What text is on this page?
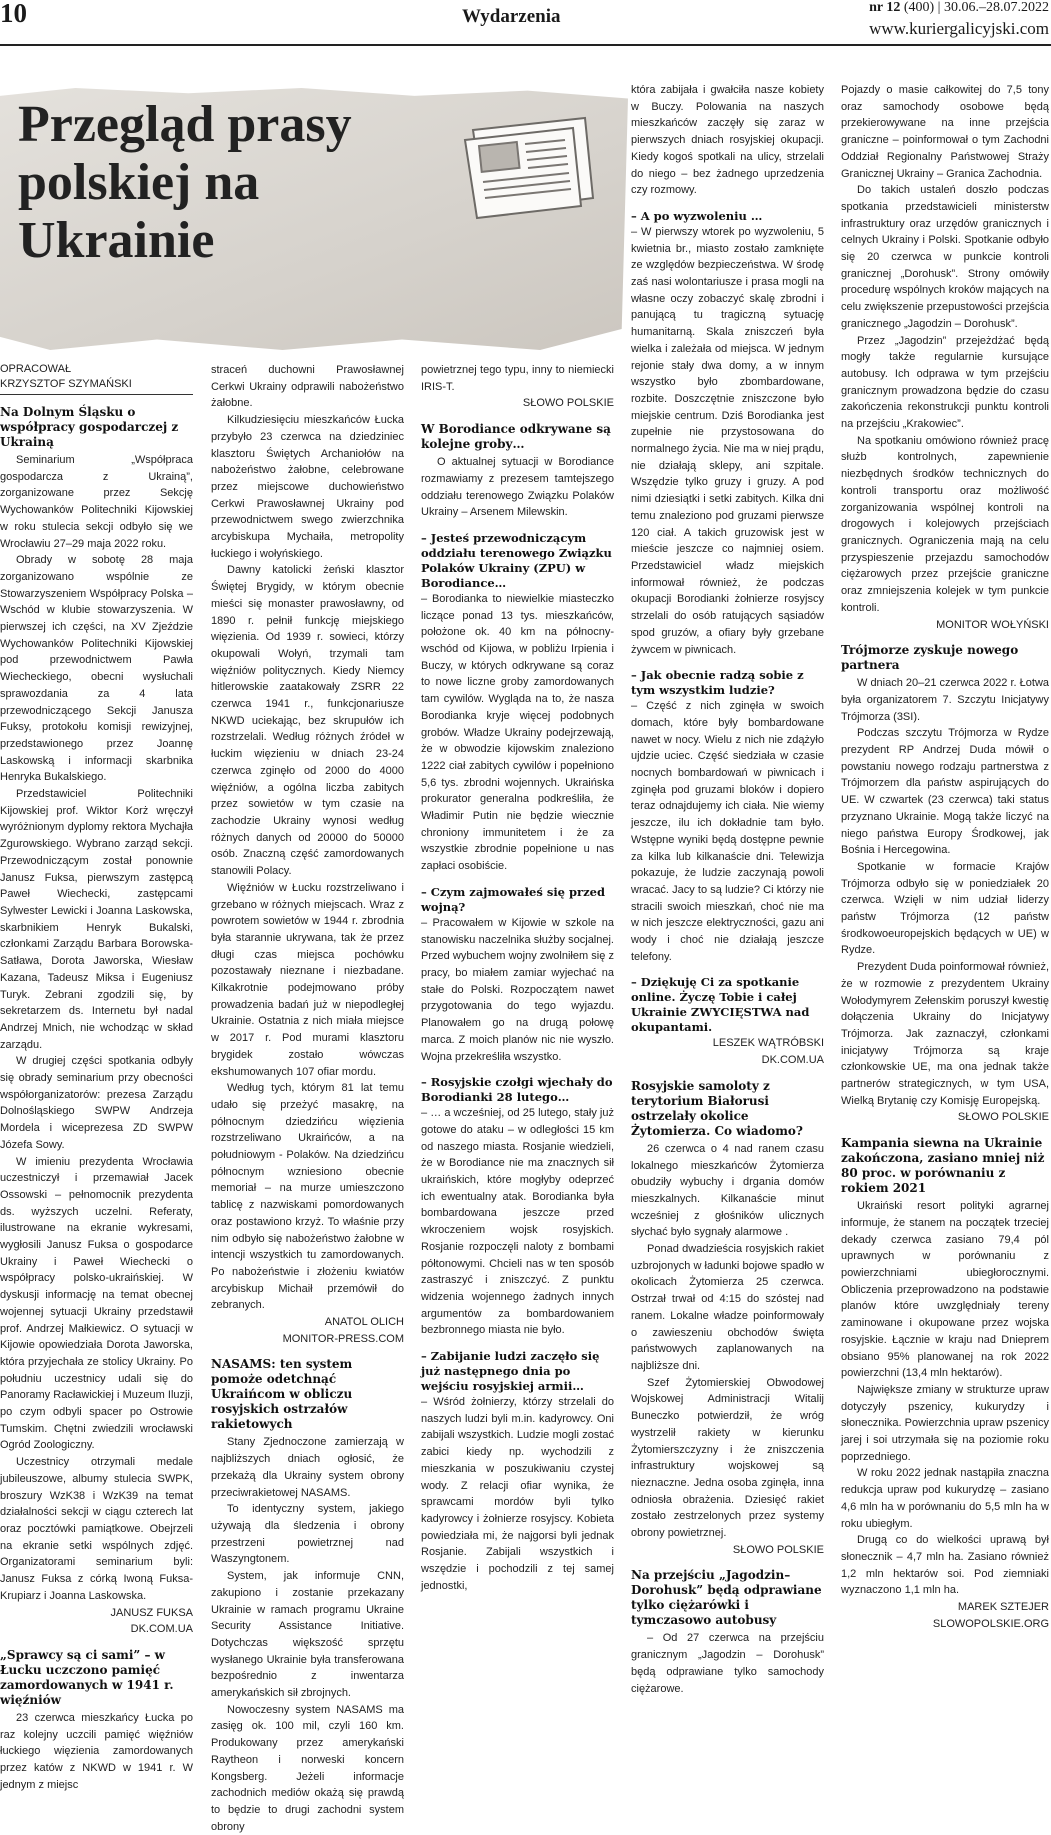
10	Wydarzenia	nr 12 (400) | 30.06.–28.07.2022
www.kuriergalicyjski.com
Przegląd prasy polskiej na Ukrainie
OPRACOWAŁ
KRZYSZTOF SZYMAŃSKI
Na Dolnym Śląsku o współpracy gospodarczej z Ukrainą

Seminarium „Współpraca gospodarcza z Ukrainą”, zorganizowane przez Sekcję Wychowanków Politechniki Kijowskiej w roku stulecia sekcji odbyło się we Wrocławiu 27–29 maja 2022 roku.

Obrady w sobotę 28 maja zorganizowano wspólnie ze Stowarzyszeniem Współpracy Polska – Wschód w klubie stowarzyszenia. W pierwszej ich części, na XV Zjeździe Wychowanków Politechniki Kijowskiej pod przewodnictwem Pawła Wiecheckiego, obecni wysłuchali sprawozdania za 4 lata przewodniczącego Sekcji Janusza Fuksy, protokołu komisji rewizyjnej, przedstawionego przez Joannę Laskowską i informacji skarbnika Henryka Bukalskiego.

Przedstawiciel Politechniki Kijowskiej prof. Wiktor Korż wręczył wyróżnionym dyplomy rektora Mychajła Zgurowskiego. Wybrano zarząd sekcji. Przewodniczącym został ponownie Janusz Fuksa, pierwszym zastępcą Paweł Wiechecki, zastępcami Sylwester Lewicki i Joanna Laskowska, skarbnikiem Henryk Bukalski, członkami Zarządu Barbara Borowska-Satława, Dorota Jaworska, Wiesław Kazana, Tadeusz Miksa i Eugeniusz Turyk. Zebrani zgodzili się, by sekretarzem ds. Internetu był nadal Andrzej Mnich, nie wchodząc w skład zarządu.

W drugiej części spotkania odbyły się obrady seminarium przy obecności współorganizatorów: prezesa Zarządu Dolnośląskiego SWPW Andrzeja Mordela i wiceprezesa ZD SWPW Józefa Sowy.

W imieniu prezydenta Wrocławia uczestniczył i przemawiał Jacek Ossowski – pełnomocnik prezydenta ds. wyższych uczelni. Referaty, ilustrowane na ekranie wykresami, wygłosili Janusz Fuksa o gospodarce Ukrainy i Paweł Wiechecki o współpracy polsko-ukraińskiej. W dyskusji informację na temat obecnej wojennej sytuacji Ukrainy przedstawił prof. Andrzej Małkiewicz. O sytuacji w Kijowie opowiedziała Dorota Jaworska, która przyjechała ze stolicy Ukrainy. Po południu uczestnicy udali się do Panoramy Racławickiej i Muzeum Iluzji, po czym odbyli spacer po Ostrowie Tumskim. Chętni zwiedzili wrocławski Ogród Zoologiczny.

Uczestnicy otrzymali medale jubileuszowe, albumy stulecia SWPK, broszury WzK38 i WzK39 na temat działalności sekcji w ciągu czterech lat oraz pocztówki pamiątkowe. Obejrzeli na ekranie setki wspólnych zdjęć. Organizatorami seminarium byli: Janusz Fuksa z córką Iwoną Fuksa-Krupiarz i Joanna Laskowska.

JANUSZ FUKSA

DK.COM.UA

„Sprawcy są ci sami” – w Łucku uczczono pamięć zamordowanych w 1941 r. więźniów

23 czerwca mieszkańcy Łucka po raz kolejny uczcili pamięć więźniów łuckiego więzienia zamordowanych przez katów z NKWD w 1941 r. W jednym z miejsc

straceń duchowni Prawosławnej Cerkwi Ukrainy odprawili nabożeństwo żałobne.

Kilkudziesięciu mieszkańców Łucka przybyło 23 czerwca na dziedziniec klasztoru Świętych Archaniołów na nabożeństwo żałobne, celebrowane przez miejscowe duchowieństwo Cerkwi Prawosławnej Ukrainy pod przewodnictwem swego zwierzchnika arcybiskupa Mychaiła, metropolity łuckiego i wołyńskiego.

Dawny katolicki żeński klasztor Świętej Brygidy, w którym obecnie mieści się monaster prawosławny, od 1890 r. pełnił funkcję miejskiego więzienia. Od 1939 r. sowieci, którzy okupowali Wołyń, trzymali tam więźniów politycznych. Kiedy Niemcy hitlerowskie zaatakowały ZSRR 22 czerwca 1941 r., funkcjonariusze NKWD uciekając, bez skrupułów ich rozstrzelali. Według różnych źródeł w łuckim więzieniu w dniach 23-24 czerwca zginęło od 2000 do 4000 więźniów, a ogólna liczba zabitych przez sowietów w tym czasie na zachodzie Ukrainy wynosi według różnych danych od 20000 do 50000 osób. Znaczną część zamordowanych stanowili Polacy.

Więźniów w Łucku rozstrzeliwano i grzebano w różnych miejscach. Wraz z powrotem sowietów w 1944 r. zbrodnia była starannie ukrywana, tak że przez długi czas miejsca pochówku pozostawały nieznane i niezbadane. Kilkakrotnie podejmowano próby prowadzenia badań już w niepodległej Ukrainie. Ostatnia z nich miała miejsce w 2017 r. Pod murami klasztoru brygidek zostało wówczas ekshumowanych 107 ofiar mordu.

Według tych, którym 81 lat temu udało się przeżyć masakrę, na północnym dziedzińcu więzienia rozstrzeliwano Ukraińców, a na południowym - Polaków. Na dziedzińcu północnym wzniesiono obecnie memoriał – na murze umieszczono tablicę z nazwiskami pomordowanych oraz postawiono krzyż. To właśnie przy nim odbyło się nabożeństwo żałobne w intencji wszystkich tu zamordowanych. Po nabożeństwie i złożeniu kwiatów arcybiskup Michaił przemówił do zebranych.

ANATOL OLICH

MONITOR-PRESS.COM

NASAMS: ten system pomoże odetchnąć Ukraińcom w obliczu rosyjskich ostrzałów rakietowych

Stany Zjednoczone zamierzają w najbliższych dniach ogłosić, że przekażą dla Ukrainy system obrony przeciwrakietowej NASAMS.

To identyczny system, jakiego używają dla śledzenia i obrony przestrzeni powietrznej nad Waszyngtonem.

System, jak informuje CNN, zakupiono i zostanie przekazany Ukrainie w ramach programu Ukraine Security Assistance Initiative. Dotychczas większość sprzętu wysłanego Ukrainie była transferowana bezpośrednio z inwentarza amerykańskich sił zbrojnych.

Nowoczesny system NASAMS ma zasięg ok. 100 mil, czyli 160 km. Produkowany przez amerykański Raytheon i norweski koncern Kongsberg. Jeżeli informacje zachodnich mediów okażą się prawdą to będzie to drugi zachodni system obrony

powietrznej tego typu, inny to niemiecki IRIS-T.

SŁOWO POLSKIE

W Borodiance odkrywane są kolejne groby…

O aktualnej sytuacji w Borodiance rozmawiamy z prezesem tamtejszego oddziału terenowego Związku Polaków Ukrainy – Arsenem Milewskin.

– Jesteś przewodniczącym oddziału terenowego Związku Polaków Ukrainy (ZPU) w Borodiance…

– Borodianka to niewielkie miasteczko liczące ponad 13 tys. mieszkańców, położone ok. 40 km na północny-wschód od Kijowa, w pobliżu Irpienia i Buczy, w których odkrywane są coraz to nowe liczne groby zamordowanych tam cywilów. Wygląda na to, że nasza Borodianka kryje więcej podobnych grobów. Władze Ukrainy podejrzewają, że w obwodzie kijowskim znaleziono 1222 ciał zabitych cywilów i popełniono 5,6 tys. zbrodni wojennych. Ukraińska prokurator generalna podkreśliła, że Władimir Putin nie będzie wiecznie chroniony immunitetem i że za wszystkie zbrodnie popełnione u nas zapłaci osobiście.

– Czym zajmowałeś się przed wojną?

– Pracowałem w Kijowie w szkole na stanowisku naczelnika służby socjalnej. Przed wybuchem wojny zwolniłem się z pracy, bo miałem zamiar wyjechać na stałe do Polski. Rozpoczątem nawet przygotowania do tego wyjazdu. Planowałem go na drugą połowę marca. Z moich planów nic nie wyszło. Wojna przekreśliła wszystko.

– Rosyjskie czołgi wjechały do Borodianki 28 lutego…

– … a wcześniej, od 25 lutego, stały już gotowe do ataku – w odległości 15 km od naszego miasta. Rosjanie wiedzieli, że w Borodiance nie ma znacznych sił ukraińskich, które mogłyby odeprzeć ich ewentualny atak. Borodianka była bombardowana jeszcze przed wkroczeniem wojsk rosyjskich. Rosjanie rozpoczęli naloty z bombami półtonowymi. Chcieli nas w ten sposób zastraszyć i zniszczyć. Z punktu widzenia wojennego żadnych innych argumentów za bombardowaniem bezbronnego miasta nie było.

– Zabijanie ludzi zaczęło się już następnego dnia po wejściu rosyjskiej armii…

– Wśród żołnierzy, którzy strzelali do naszych ludzi byli m.in. kadyrowcy. Oni zabijali wszystkich. Ludzie mogli zostać zabici kiedy np. wychodzili z mieszkania w poszukiwaniu czystej wody. Z relacji ofiar wynika, że sprawcami mordów byli tylko kadyrowcy i żołnierze rosyjscy. Kobieta powiedziała mi, że najgorsi byli jednak Rosjanie. Zabijali wszystkich i wszędzie i pochodzili z tej samej jednostki,

która zabijała i gwałciła nasze kobiety w Buczy. Polowania na naszych mieszkańców zaczęły się zaraz w pierwszych dniach rosyjskiej okupacji. Kiedy kogoś spotkali na ulicy, strzelali do niego – bez żadnego uprzedzenia czy rozmowy.

– A po wyzwoleniu …

– W pierwszy wtorek po wyzwoleniu, 5 kwietnia br., miasto zostało zamknięte ze względów bezpieczeństwa. W środę zaś nasi wolontariusze i prasa mogli na własne oczy zobaczyć skalę zbrodni i panującą tu tragiczną sytuację humanitarną. Skala zniszczeń była wielka i zależała od miejsca. W jednym rejonie stały dwa domy, a w innym wszystko było zbombardowane, rozbite. Doszczętnie zniszczone było miejskie centrum. Dziś Borodianka jest zupełnie nie przystosowana do normalnego życia. Nie ma w niej prądu, nie działają sklepy, ani szpitale. Wszędzie tylko gruzy i gruzy. A pod nimi dziesiątki i setki zabitych. Kilka dni temu znaleziono pod gruzami pierwsze 120 ciał. A takich gruzowisk jest w mieście jeszcze co najmniej osiem. Przedstawiciel władz miejskich informował również, że podczas okupacji Borodianki żołnierze rosyjscy strzelali do osób ratujących sąsiadów spod gruzów, a ofiary były grzebane żywcem w piwnicach.

– Jak obecnie radzą sobie z tym wszystkim ludzie?

– Część z nich zginęła w swoich domach, które były bombardowane nawet w nocy. Wielu z nich nie zdążyło ujdzie uciec. Część siedziała w czasie nocnych bombardowań w piwnicach i zginęła pod gruzami bloków i dopiero teraz odnajdujemy ich ciała. Nie wiemy jeszcze, ilu ich dokładnie tam było. Wstępne wyniki będą dostępne pewnie za kilka lub kilkanaście dni. Telewizja pokazuje, że ludzie zaczynają powoli wracać. Jacy to są ludzie? Ci którzy nie stracili swoich mieszkań, choć nie ma w nich jeszcze elektryczności, gazu ani wody i choć nie działają jeszcze telefony.

– Dziękuję Ci za spotkanie online. Życzę Tobie i całej Ukrainie ZWYCIĘSTWA nad okupantami.

LESZEK WĄTRÓBSKI

DK.COM.UA

Rosyjskie samoloty z terytorium Białorusi ostrzelały okolice Żytomierza. Co wiadomo?

26 czerwca o 4 nad ranem czasu lokalnego mieszkańców Żytomierza obudziły wybuchy i drgania domów mieszkalnych. Kilkanaście minut wcześniej z głośników ulicznych słychać było sygnały alarmowe .

Ponad dwadzieścia rosyjskich rakiet uzbrojonych w ładunki bojowe spadło w okolicach Żytomierza 25 czerwca. Ostrzał trwał od 4:15 do szóstej nad ranem. Lokalne władze poinformowały o zawieszeniu obchodów święta państwowych zaplanowanych na najbliższe dni.

Szef Żytomierskiej Obwodowej Wojskowej Administracji Witalij Buneczko potwierdził, że wróg wystrzelił rakiety w kierunku Żytomierszczyzny i że zniszczenia infrastruktury wojskowej są nieznaczne. Jedna osoba zginęła, inna odniosła obrażenia. Dziesięć rakiet zostało zestrzelonych przez systemy obrony powietrznej.

SŁOWO POLSKIE

Na przejściu „Jagodzin–Dorohusk” będą odprawiane tylko ciężarówki i tymczasowo autobusy

– Od 27 czerwca na przejściu granicznym „Jagodzin – Dorohusk” będą odprawiane tylko samochody ciężarowe.

Pojazdy o masie całkowitej do 7,5 tony oraz samochody osobowe będą przekierowywane na inne przejścia graniczne – poinformował o tym Zachodni Oddział Regionalny Państwowej Straży Granicznej Ukrainy – Granica Zachodnia.

Do takich ustaleń doszło podczas spotkania przedstawicieli ministerstw infrastruktury oraz urzędów granicznych i celnych Ukrainy i Polski. Spotkanie odbyło się 20 czerwca w punkcie kontroli granicznej „Dorohusk”. Strony omówiły procedurę wspólnych kroków mających na celu zwiększenie przepustowości przejścia granicznego „Jagodzin – Dorohusk”.

Przez „Jagodzin” przejeżdżać będą mogły także regularnie kursujące autobusy. Ich odprawa w tym przejściu granicznym prowadzona będzie do czasu zakończenia rekonstrukcji punktu kontroli na przejściu „Krakowiec”.

Na spotkaniu omówiono również pracę służb kontrolnych, zapewnienie niezbędnych środków technicznych do kontroli transportu oraz możliwość zorganizowania wspólnej kontroli na drogowych i kolejowych przejściach granicznych. Ograniczenia mają na celu przyspieszenie przejazdu samochodów ciężarowych przez przejście graniczne oraz zmniejszenia kolejek w tym punkcie kontroli.

MONITOR WOŁYŃSKI

Trójmorze zyskuje nowego partnera

W dniach 20–21 czerwca 2022 r. Łotwa była organizatorem 7. Szczytu Inicjatywy Trójmorza (3SI).

Podczas szczytu Trójmorza w Rydze prezydent RP Andrzej Duda mówił o powstaniu nowego rodzaju partnerstwa z Trójmorzem dla państw aspirujących do UE. W czwartek (23 czerwca) taki status przyznano Ukrainie. Mogą także liczyć na niego państwa Europy Środkowej, jak Bośnia i Hercegowina.

Spotkanie w formacie Krajów Trójmorza odbyło się w poniedziałek 20 czerwca. Wzięli w nim udział liderzy państw Trójmorza (12 państw środkowoeuropejskich będących w UE) w Rydze.

Prezydent Duda poinformował również, że w rozmowie z prezydentem Ukrainy Wołodymyrem Zełenskim poruszył kwestię dołączenia Ukrainy do Inicjatywy Trójmorza. Jak zaznaczył, członkami inicjatywy Trójmorza są kraje członkowskie UE, ma ona jednak także partnerów strategicznych, w tym USA, Wielką Brytanię czy Komisję Europejską.

SŁOWO POLSKIE

Kampania siewna na Ukrainie zakończona, zasiano mniej niż 80 proc. w porównaniu z rokiem 2021

Ukraiński resort polityki agrarnej informuje, że stanem na początek trzeciej dekady czerwca zasiano 79,4 pól uprawnych w porównaniu z powierzchniami ubiegłorocznymi. Obliczenia przeprowadzono na podstawie planów które uwzględniały tereny zaminowane i okupowane przez wojska rosyjskie. Łącznie w kraju nad Dnieprem obsiano 95% planowanej na rok 2022 powierzchni (13,4 mln hektarów).

Największe zmiany w strukturze upraw dotyczyły pszenicy, kukurydzy i słonecznika. Powierzchnia upraw pszenicy jarej i soi utrzymała się na poziomie roku poprzedniego.

W roku 2022 jednak nastąpiła znaczna redukcja upraw pod kukurydzę – zasiano 4,6 mln ha w porównaniu do 5,5 mln ha w roku ubiegłym.

Drugą co do wielkości uprawą był słonecznik – 4,7 mln ha. Zasiano również 1,2 mln hektarów soi. Pod ziemniaki wyznaczono 1,1 mln ha.

MAREK SZTEJER

SLOWOPOLSKIE.ORG
